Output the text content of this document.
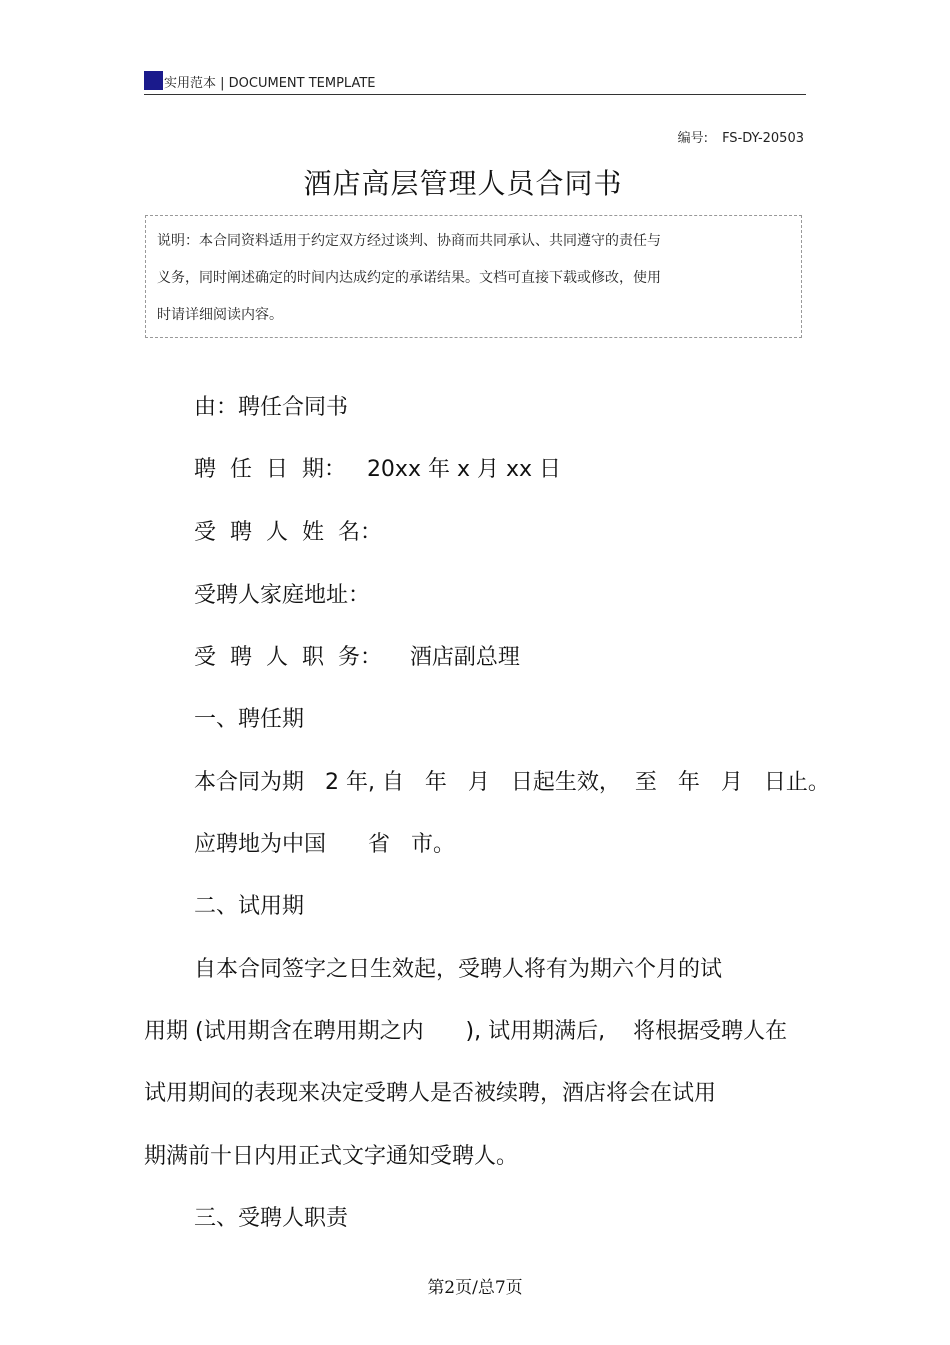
实用范本 | DOCUMENT TEMPLATE
编号: FS-DY-20503
酒店高层管理人员合同书
说明：本合同资料适用于约定双方经过谈判、协商而共同承认、共同遵守的责任与
义务，同时阐述确定的时间内达成约定的承诺结果。文档可直接下载或修改，使用
时请详细阅读内容。
由：聘任合同书
聘  任  日  期：   20xx 年 x 月 xx 日
受  聘  人  姓  名：
受聘人家庭地址：
受  聘  人  职  务：    酒店副总理
一、聘任期
本合同为期   2 年, 自   年   月   日起生效，  至   年   月   日止。
应聘地为中国      省   市。
二、试用期
自本合同签字之日生效起，受聘人将有为期六个月的试
用期 (试用期含在聘用期之内      ), 试用期满后,    将根据受聘人在
试用期间的表现来决定受聘人是否被续聘，酒店将会在试用
期满前十日内用正式文字通知受聘人。
三、受聘人职责
第2页/总7页
